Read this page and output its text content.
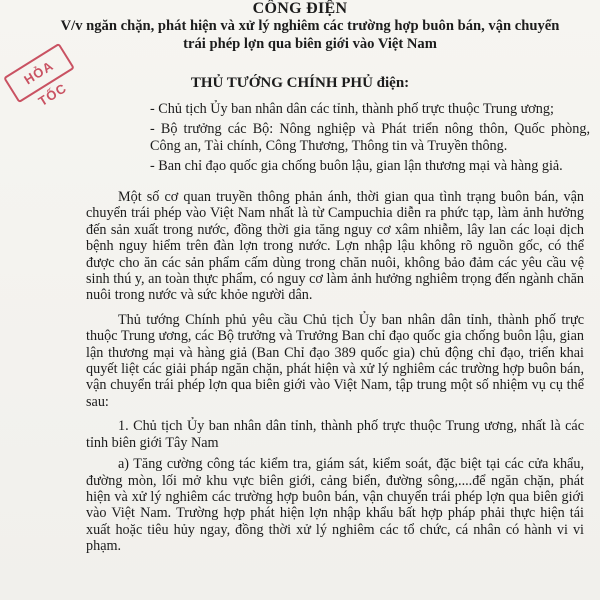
CÔNG ĐIỆN
V/v ngăn chặn, phát hiện và xử lý nghiêm các trường hợp buôn bán, vận chuyển
trái phép lợn qua biên giới vào Việt Nam
HỎA TỐC	THỦ TƯỚNG CHÍNH PHỦ điện:
- Chủ tịch Ủy ban nhân dân các tỉnh, thành phố trực thuộc Trung ương;
- Bộ trưởng các Bộ: Nông nghiệp và Phát triển nông thôn, Quốc phòng, Công an, Tài chính, Công Thương, Thông tin và Truyền thông.
- Ban chỉ đạo quốc gia chống buôn lậu, gian lận thương mại và hàng giả.

Một số cơ quan truyền thông phản ánh, thời gian qua tình trạng buôn bán, vận chuyển trái phép vào Việt Nam nhất là từ Campuchia diễn ra phức tạp, làm ảnh hưởng đến sản xuất trong nước, đồng thời gia tăng nguy cơ xâm nhiễm, lây lan các loại dịch bệnh nguy hiểm trên đàn lợn trong nước. Lợn nhập lậu không rõ nguồn gốc, có thể được cho ăn các sản phẩm cấm dùng trong chăn nuôi, không bảo đảm các yêu cầu vệ sinh thú y, an toàn thực phẩm, có nguy cơ làm ảnh hưởng nghiêm trọng đến ngành chăn nuôi trong nước và sức khỏe người dân.

Thủ tướng Chính phủ yêu cầu Chủ tịch Ủy ban nhân dân tỉnh, thành phố trực thuộc Trung ương, các Bộ trưởng và Trưởng Ban chỉ đạo quốc gia chống buôn lậu, gian lận thương mại và hàng giả (Ban Chỉ đạo 389 quốc gia) chủ động chỉ đạo, triển khai quyết liệt các giải pháp ngăn chặn, phát hiện và xử lý nghiêm các trường hợp buôn bán, vận chuyển trái phép lợn qua biên giới vào Việt Nam, tập trung một số nhiệm vụ cụ thể sau:

1. Chủ tịch Ủy ban nhân dân tỉnh, thành phố trực thuộc Trung ương, nhất là các tỉnh biên giới Tây Nam

a) Tăng cường công tác kiểm tra, giám sát, kiểm soát, đặc biệt tại các cửa khẩu, đường mòn, lối mở khu vực biên giới, cảng biển, đường sông,....để ngăn chặn, phát hiện và xử lý nghiêm các trường hợp buôn bán, vận chuyển trái phép lợn qua biên giới vào Việt Nam. Trường hợp phát hiện lợn nhập khẩu bất hợp pháp phải thực hiện tái xuất hoặc tiêu hủy ngay, đồng thời xử lý nghiêm các tổ chức, cá nhân có hành vi vi phạm.
